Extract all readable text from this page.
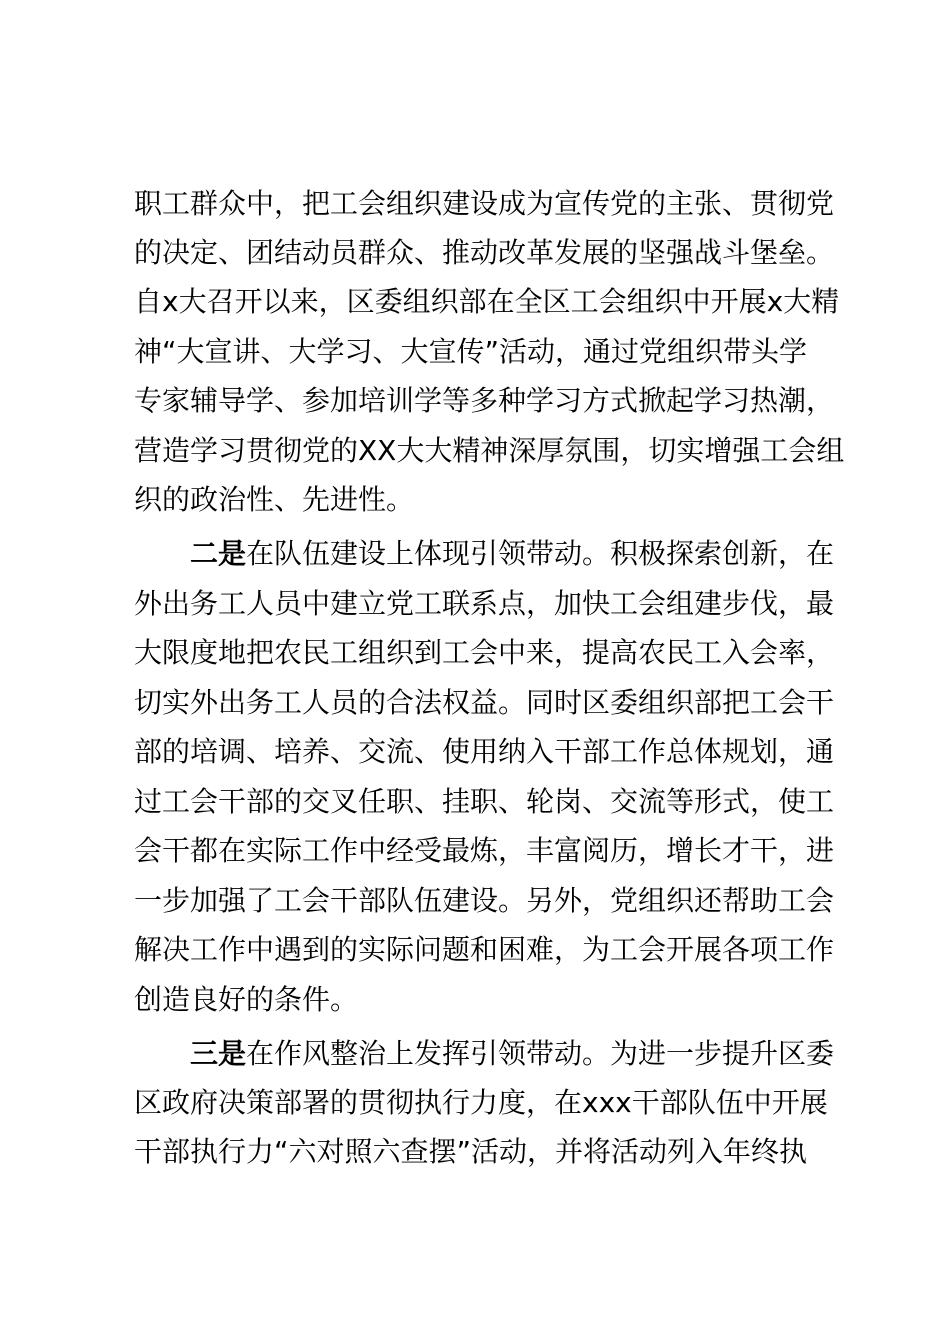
职工群众中，把工会组织建设成为宣传党的主张、贯彻党
的决定、团结动员群众、推动改革发展的坚强战斗堡垒。
自x大召开以来，区委组织部在全区工会组织中开展x大精
神“大宣讲、大学习、大宣传”活动，通过党组织带头学
专家辅导学、参加培训学等多种学习方式掀起学习热潮，
营造学习贯彻党的XX大大精神深厚氛围，切实增强工会组
织的政治性、先进性。
二是在队伍建设上体现引领带动。积极探索创新，在
外出务工人员中建立党工联系点，加快工会组建步伐，最
大限度地把农民工组织到工会中来，提高农民工入会率，
切实外出务工人员的合法权益。同时区委组织部把工会干
部的培调、培养、交流、使用纳入干部工作总体规划，通
过工会干部的交叉任职、挂职、轮岗、交流等形式，使工
会干都在实际工作中经受最炼，丰富阅历，增长才干，进
一步加强了工会干部队伍建设。另外，党组织还帮助工会
解决工作中遇到的实际问题和困难，为工会开展各项工作
创造良好的条件。
三是在作风整治上发挥引领带动。为进一步提升区委
区政府决策部署的贯彻执行力度，在xxx干部队伍中开展
干部执行力“六对照六查摆”活动，并将活动列入年终执
